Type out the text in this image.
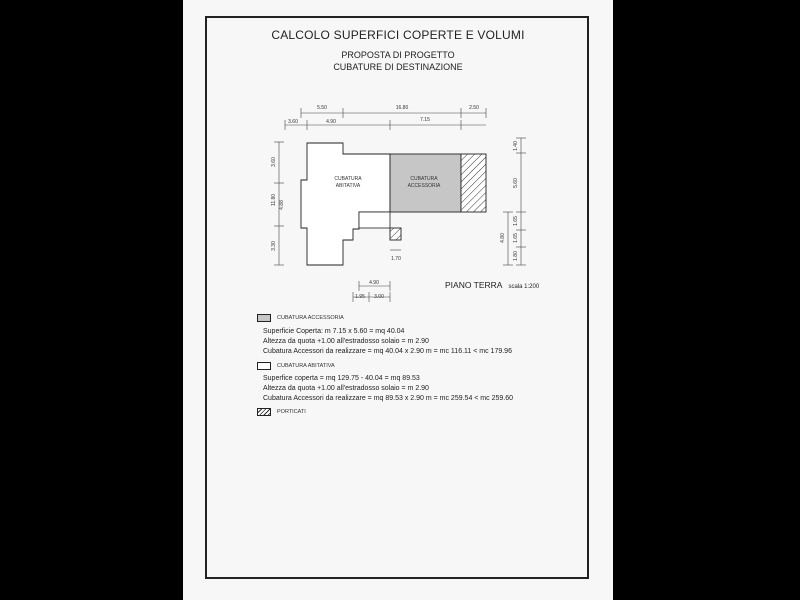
CALCOLO SUPERFICI COPERTE E VOLUMI
PROPOSTA DI PROGETTO
CUBATURE DI DESTINAZIONE
5.50	16.80	2.50
3.60	4.90	7.15
3.60
11.80 4.88
3.30
1.40
5.60
1.65
1.65
1.80
4.80
CUBATURA
ABITATIVA
CUBATURA
ACCESSORIA
1.70
4.90
1.95 3.00
PIANO TERRA scala 1:200
CUBATURA ACCESSORIA
Superficie Coperta: m 7.15 x 5.60 = mq 40.04
Altezza da quota +1.00 all'estradosso solaio = m 2.90
Cubatura Accessori da realizzare = mq 40.04 x 2.90 m = mc 116.11 < mc 179.96
CUBATURA ABITATIVA
Superfice coperta = mq 129.75 - 40.04 = mq 89.53
Altezza da quota +1.00 all'estradosso solaio = m 2.90
Cubatura Accessori da realizzare = mq 89.53 x 2.90 m = mc 259.54 < mc 259.60
PORTICATI
